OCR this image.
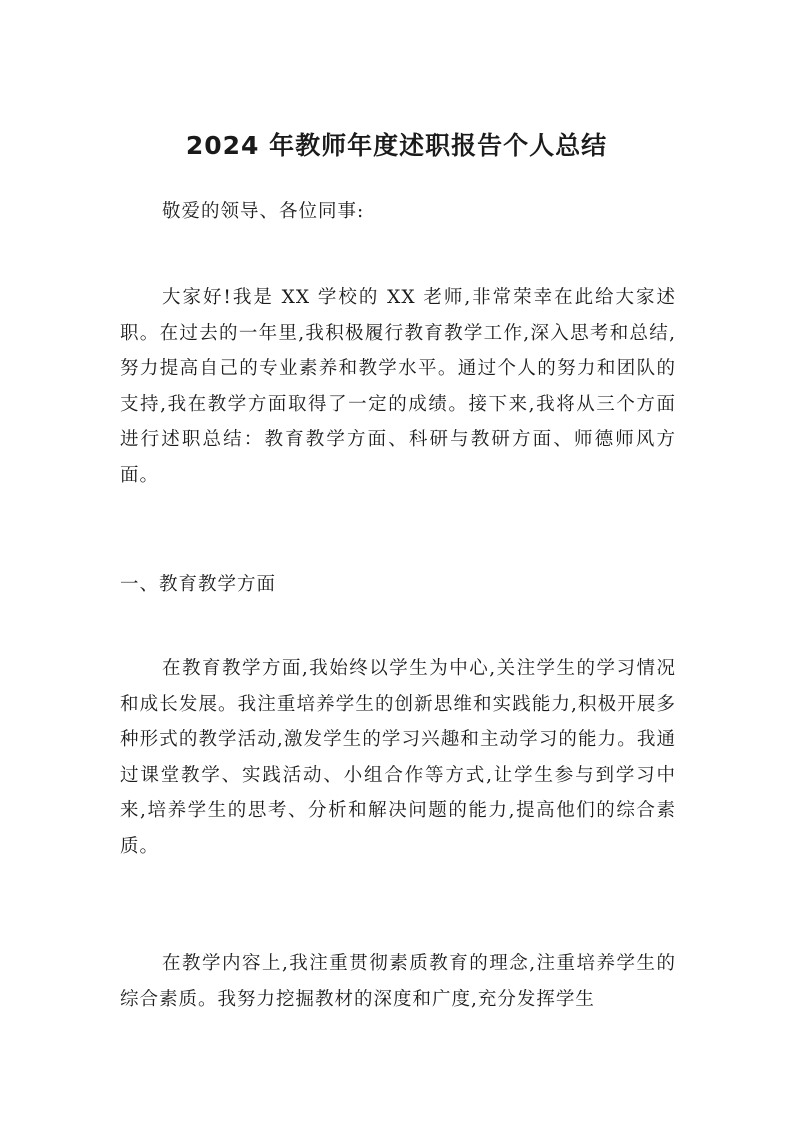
2024 年教师年度述职报告个人总结

敬爱的领导、各位同事:

大家好!我是 XX 学校的 XX 老师,非常荣幸在此给大家述职。在过去的一年里,我积极履行教育教学工作,深入思考和总结,努力提高自己的专业素养和教学水平。通过个人的努力和团队的支持,我在教学方面取得了一定的成绩。接下来,我将从三个方面进行述职总结：教育教学方面、科研与教研方面、师德师风方面。

一、教育教学方面

在教育教学方面,我始终以学生为中心,关注学生的学习情况和成长发展。我注重培养学生的创新思维和实践能力,积极开展多种形式的教学活动,激发学生的学习兴趣和主动学习的能力。我通过课堂教学、实践活动、小组合作等方式,让学生参与到学习中来,培养学生的思考、分析和解决问题的能力,提高他们的综合素质。

在教学内容上,我注重贯彻素质教育的理念,注重培养学生的综合素质。我努力挖掘教材的深度和广度,充分发挥学生
